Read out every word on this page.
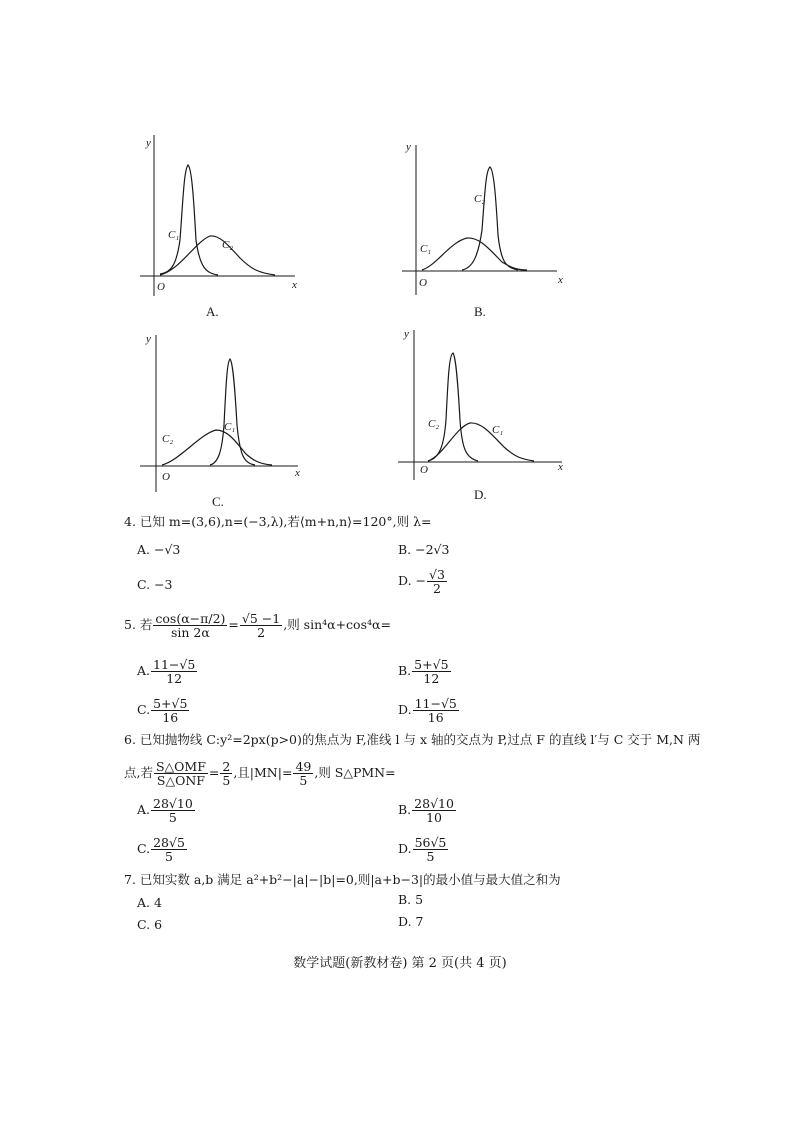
y
x
O
C₁
C₂
A.
y
x
O
C₁
C₂
B.
y
x
O
C₂
C₁
C.
y
x
O
C₂	C₁
D.
4. 已知 m=(3,6),n=(−3,λ),若⟨m+n,n⟩=120°,则 λ=
A. −√3	B. −2√3
C. −3	D. − $\frac{√3}{2}$
5. 若 $\frac{\cos(\alpha-\pi/2)}{\sin 2\alpha} = \frac{√5 -1}{2}$ ,则 sin⁴α+cos⁴α=
A. $\frac{11-√5}{12}$	B. $\frac{5+√5}{12}$
C. $\frac{5+√5}{16}$	D. $\frac{11-√5}{16}$
6. 已知抛物线 C:y²=2px(p>0)的焦点为 F,准线 l 与 x 轴的交点为 P,过点 F 的直线 l′与 C 交于 M,N 两
点,若 $\frac{\text{S△OMF}}{\text{S△ONF}} = \frac{2}{5}$ ,且$|MN|= \frac{49}{5}$ ,则 S△PMN=
A. $\frac{28√10}{5}$	B. $\frac{28√10}{10}$
C. $\frac{28√5}{5}$	D. $\frac{56√5}{5}$
7. 已知实数 a,b 满足 a²+b²−|a|−|b|=0,则|a+b−3|的最小值与最大值之和为
A. 4	B. 5
C. 6	D. 7
数学试题(新教材卷) 第 2 页(共 4 页)
